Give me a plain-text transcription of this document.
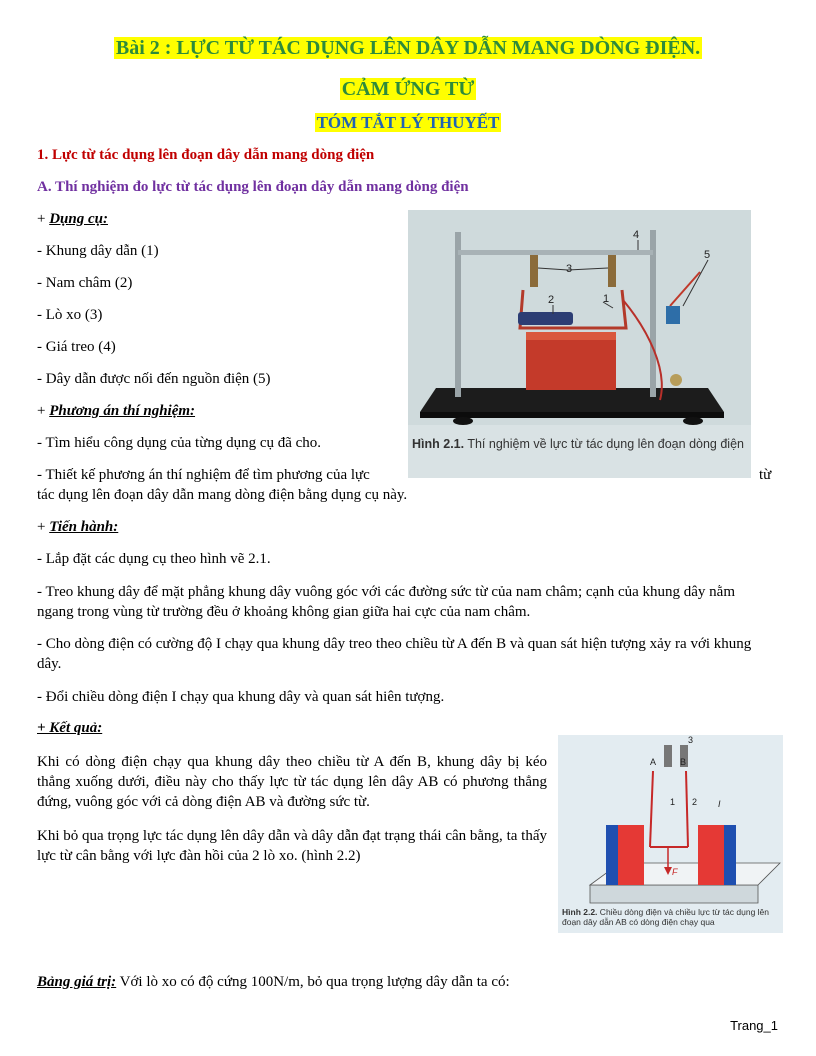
Bài 2 : LỰC TỪ TÁC DỤNG LÊN DÂY DẪN MANG DÒNG ĐIỆN.
CẢM ỨNG TỪ
TÓM TẮT LÝ THUYẾT
1. Lực từ tác dụng lên đoạn dây dẫn mang dòng điện
A. Thí nghiệm đo lực từ tác dụng lên đoạn dây dẫn mang dòng điện
+ Dụng cụ:
- Khung dây dẫn (1)
- Nam châm (2)
- Lò xo (3)
- Giá treo (4)
- Dây dẫn được nối đến nguồn điện (5)
+ Phương án thí nghiệm:
- Tìm hiểu công dụng của từng dụng cụ đã cho.
- Thiết kế phương án thí nghiệm để tìm phương của lực	từ
tác dụng lên đoạn dây dẫn mang dòng điện bằng dụng cụ này.
1
2
3
4
5
Hình 2.1. Thí nghiệm về lực từ tác dụng lên đoạn dòng điện
+ Tiến hành:
- Lắp đặt các dụng cụ theo hình vẽ 2.1.
- Treo khung dây để mặt phẳng khung dây vuông góc với các đường sức từ của nam châm; cạnh của khung dây nằm ngang trong vùng từ trường đều ở khoảng không gian giữa hai cực của nam châm.
- Cho dòng điện có cường độ I chạy qua khung dây treo theo chiều từ A đến B và quan sát hiện tượng xảy ra với khung dây.
- Đổi chiều dòng điện I chạy qua khung dây và quan sát hiên tượng.
+ Kết quả:
Khi có dòng điện chạy qua khung dây theo chiều từ A đến B, khung dây bị kéo thẳng xuống dưới, điều này cho thấy lực từ tác dụng lên dây AB có phương thẳng đứng, vuông góc với cả dòng điện AB và đường sức từ.
Khi bỏ qua trọng lực tác dụng lên dây dẫn và dây dẫn đạt trạng thái cân bằng, ta thấy lực từ cân bằng với lực đàn hồi của 2 lò xo. (hình 2.2)
3
A	B
1 2 I
F
Hình 2.2. Chiều dòng điện và chiều lực từ tác dụng lên đoạn dây dẫn AB có dòng điện chạy qua
Bảng giá trị: Với lò xo có độ cứng 100N/m, bỏ qua trọng lượng dây dẫn ta có:
Trang_1
